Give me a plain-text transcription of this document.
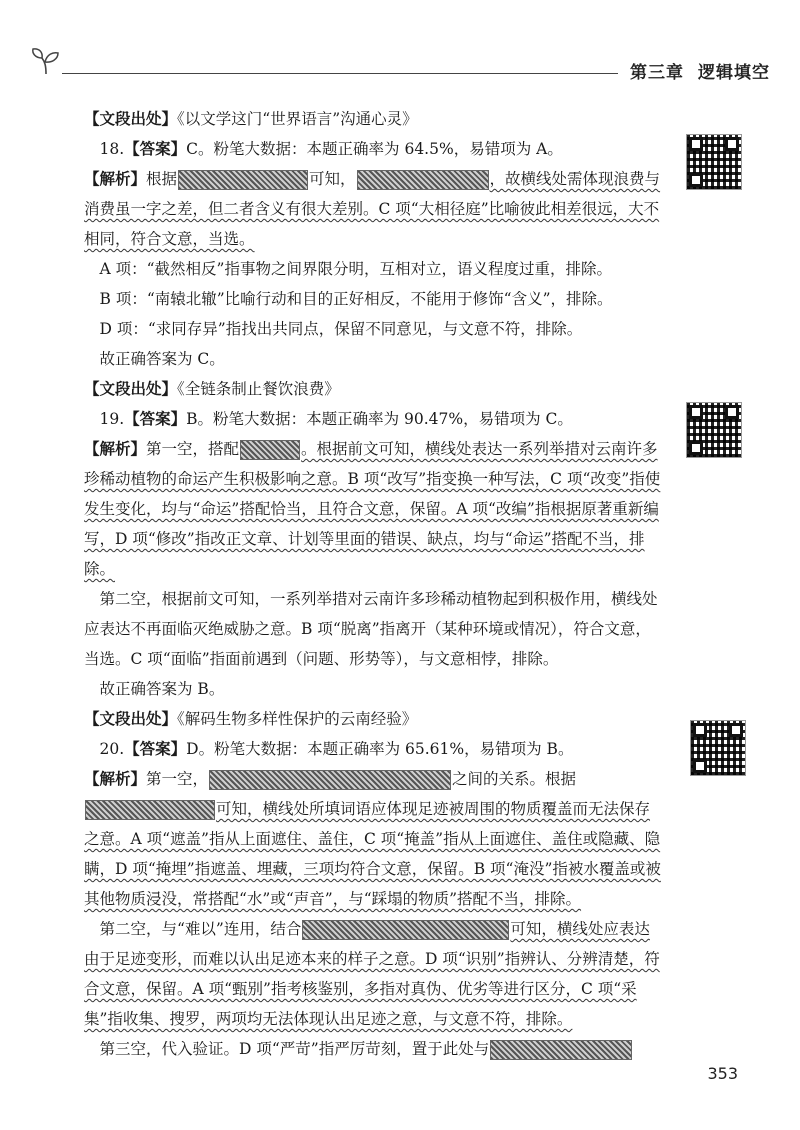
第三章 逻辑填空

【文段出处】《以文学这门“世界语言”沟通心灵》

18.【答案】C。粉笔大数据：本题正确率为 64.5%，易错项为 A。

【解析】根据	可知，	，故横线处需体现浪费与消费虽一字之差，但二者含义有很大差别。C 项“大相径庭”比喻彼此相差很远，大不相同，符合文意，当选。

A 项：“截然相反”指事物之间界限分明，互相对立，语义程度过重，排除。

B 项：“南辕北辙”比喻行动和目的正好相反，不能用于修饰“含义”，排除。

D 项：“求同存异”指找出共同点，保留不同意见，与文意不符，排除。

故正确答案为 C。

【文段出处】《全链条制止餐饮浪费》

19.【答案】B。粉笔大数据：本题正确率为 90.47%，易错项为 C。

【解析】第一空，搭配	。根据前文可知，横线处表达一系列举措对云南许多珍稀动植物的命运产生积极影响之意。B 项“改写”指变换一种写法，C 项“改变”指使发生变化，均与“命运”搭配恰当，且符合文意，保留。A 项“改编”指根据原著重新编写，D 项“修改”指改正文章、计划等里面的错误、缺点，均与“命运”搭配不当，排除。

第二空，根据前文可知，一系列举措对云南许多珍稀动植物起到积极作用，横线处应表达不再面临灭绝威胁之意。B 项“脱离”指离开（某种环境或情况），符合文意，当选。C 项“面临”指面前遇到（问题、形势等），与文意相悖，排除。

故正确答案为 B。

【文段出处】《解码生物多样性保护的云南经验》

20.【答案】D。粉笔大数据：本题正确率为 65.61%，易错项为 B。

【解析】第一空，	之间的关系。根据可知，横线处所填词语应体现足迹被周围的物质覆盖而无法保存之意。A 项“遮盖”指从上面遮住、盖住，C 项“掩盖”指从上面遮住、盖住或隐藏、隐瞒，D 项“掩埋”指遮盖、埋藏，三项均符合文意，保留。B 项“淹没”指被水覆盖或被其他物质浸没，常搭配“水”或“声音”，与“踩塌的物质”搭配不当，排除。

第二空，与“难以”连用，结合	可知，横线处应表达由于足迹变形，而难以认出足迹本来的样子之意。D 项“识别”指辨认、分辨清楚，符合文意，保留。A 项“甄别”指考核鉴别，多指对真伪、优劣等进行区分，C 项“采集”指收集、搜罗，两项均无法体现认出足迹之意，与文意不符，排除。

第三空，代入验证。D 项“严苛”指严厉苛刻，置于此处与

353
